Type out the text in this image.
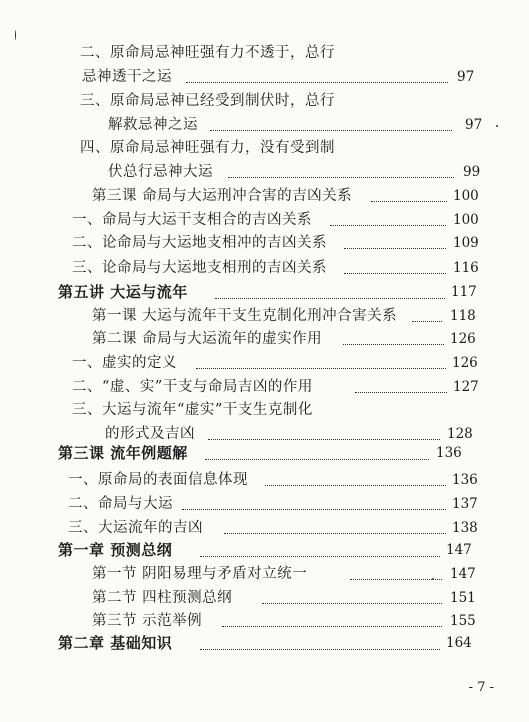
二、原命局忌神旺强有力不透于，总行
忌神透干之运	97
三、原命局忌神已经受到制伏时，总行
解救忌神之运	97
四、原命局忌神旺强有力，没有受到制
伏总行忌神大运	99
第三课 命局与大运刑冲合害的吉凶关系	100
一、命局与大运干支相合的吉凶关系	100
二、论命局与大运地支相冲的吉凶关系	109
三、论命局与大运地支相刑的吉凶关系	116
第五讲 大运与流年	117
第一课 大运与流年干支生克制化刑冲合害关系	118
第二课 命局与大运流年的虚实作用	126
一、虚实的定义	126
二、“虚、实”干支与命局吉凶的作用	127
三、大运与流年“虚实”干支生克制化
的形式及吉凶	128
第三课 流年例题解	136
一、原命局的表面信息体现	136
二、命局与大运	137
三、大运流年的吉凶	138
第一章 预测总纲	147
第一节 阴阳易理与矛盾对立统一	147
第二节 四柱预测总纲	151
第三节 示范举例	155
第二章 基础知识	164
- 7 -
